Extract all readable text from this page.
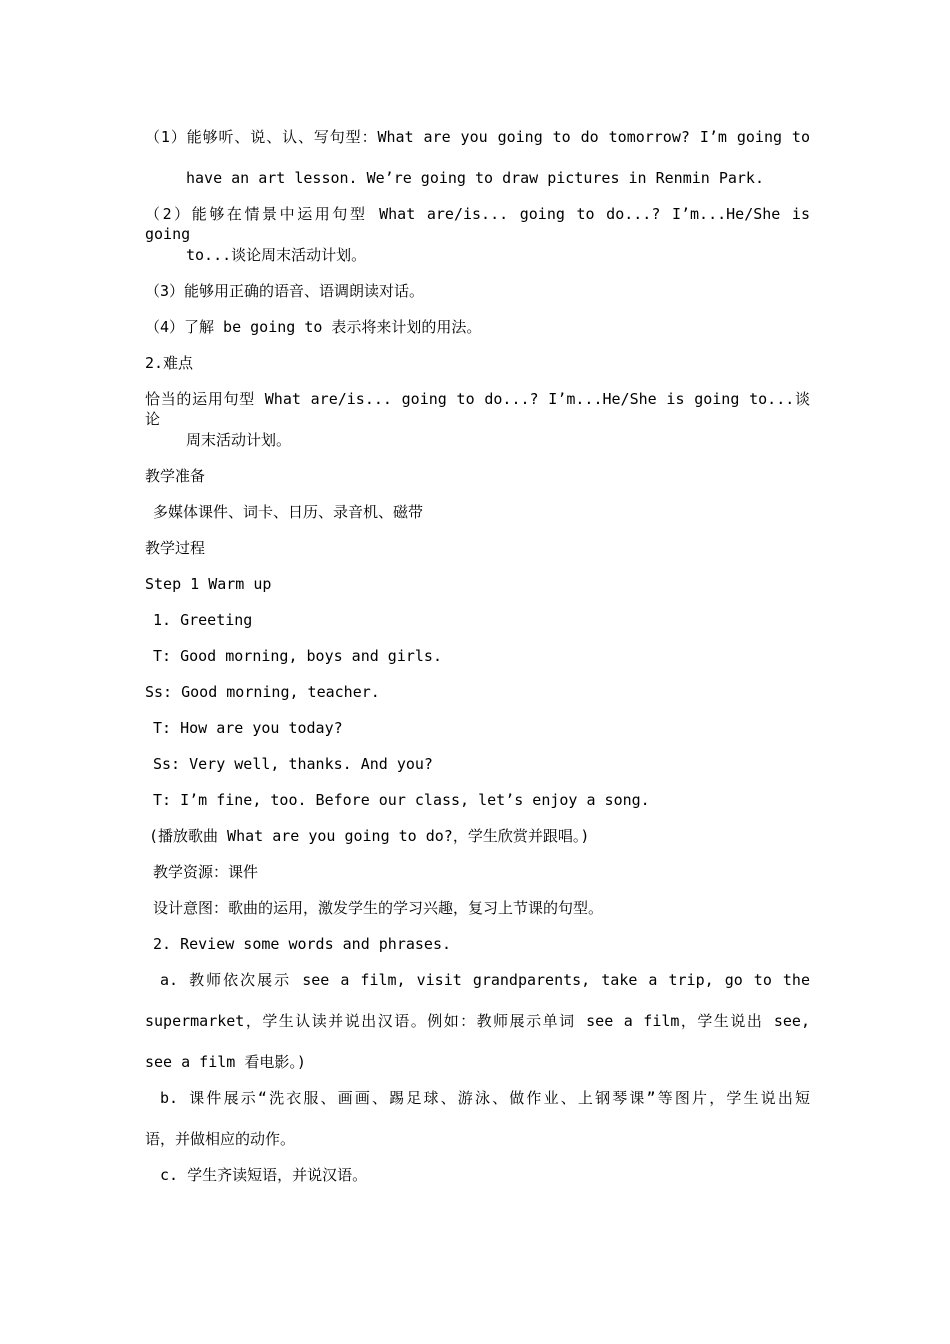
（1）能够听、说、认、写句型：What are you going to do tomorrow? I’m going to
have an art lesson. We’re going to draw pictures in Renmin Park.
（2）能够在情景中运用句型 What are/is... going to do...? I’m...He/She is going
to...谈论周末活动计划。
（3）能够用正确的语音、语调朗读对话。
（4）了解 be going to 表示将来计划的用法。
2.难点
恰当的运用句型 What are/is... going to do...? I’m...He/She is going to...谈论
周末活动计划。
教学准备
多媒体课件、词卡、日历、录音机、磁带
教学过程
Step 1 Warm up
1. Greeting
T: Good morning, boys and girls.
Ss: Good morning, teacher.
T: How are you today?
Ss: Very well, thanks. And you?
T: I’m fine, too. Before our class, let’s enjoy a song.
(播放歌曲 What are you going to do?，学生欣赏并跟唱。)
教学资源：课件
设计意图：歌曲的运用，激发学生的学习兴趣，复习上节课的句型。
2. Review some words and phrases.
a. 教师依次展示 see a film, visit grandparents, take a trip, go to the
supermarket，学生认读并说出汉语。例如：教师展示单词 see a film，学生说出 see,
see a film 看电影。)
b. 课件展示“洗衣服、画画、踢足球、游泳、做作业、上钢琴课”等图片，学生说出短
语，并做相应的动作。
c. 学生齐读短语，并说汉语。
